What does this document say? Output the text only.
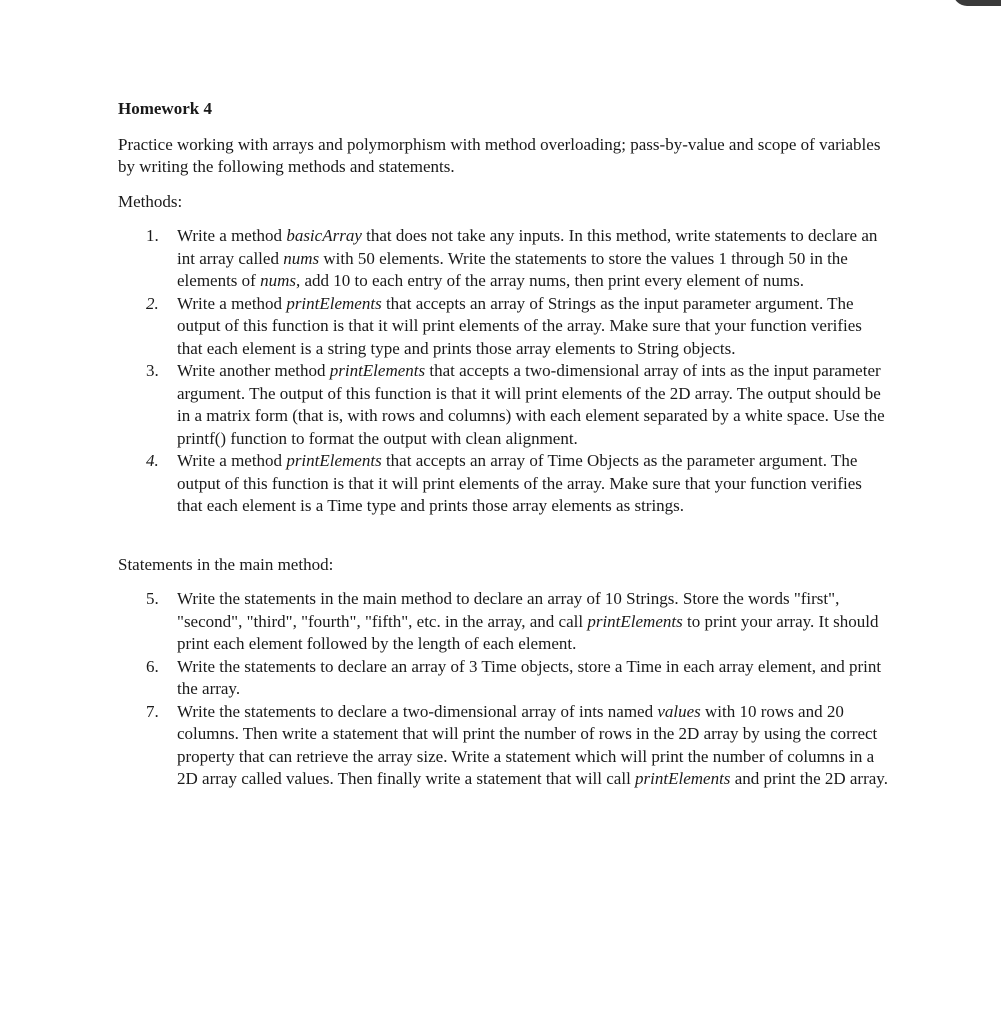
Homework 4

Practice working with arrays and polymorphism with method overloading; pass-by-value and scope of variables by writing the following methods and statements.

Methods:

1. Write a method basicArray that does not take any inputs. In this method, write statements to declare an int array called nums with 50 elements. Write the statements to store the values 1 through 50 in the elements of nums, add 10 to each entry of the array nums, then print every element of nums.
2. Write a method printElements that accepts an array of Strings as the input parameter argument. The output of this function is that it will print elements of the array. Make sure that your function verifies that each element is a string type and prints those array elements to String objects.
3. Write another method printElements that accepts a two-dimensional array of ints as the input parameter argument. The output of this function is that it will print elements of the 2D array. The output should be in a matrix form (that is, with rows and columns) with each element separated by a white space. Use the printf() function to format the output with clean alignment.
4. Write a method printElements that accepts an array of Time Objects as the parameter argument. The output of this function is that it will print elements of the array. Make sure that your function verifies that each element is a Time type and prints those array elements as strings.

Statements in the main method:

5. Write the statements in the main method to declare an array of 10 Strings. Store the words "first", "second", "third", "fourth", "fifth", etc. in the array, and call printElements to print your array. It should print each element followed by the length of each element.
6. Write the statements to declare an array of 3 Time objects, store a Time in each array element, and print the array.
7. Write the statements to declare a two-dimensional array of ints named values with 10 rows and 20 columns. Then write a statement that will print the number of rows in the 2D array by using the correct property that can retrieve the array size. Write a statement which will print the number of columns in a 2D array called values. Then finally write a statement that will call printElements and print the 2D array.
